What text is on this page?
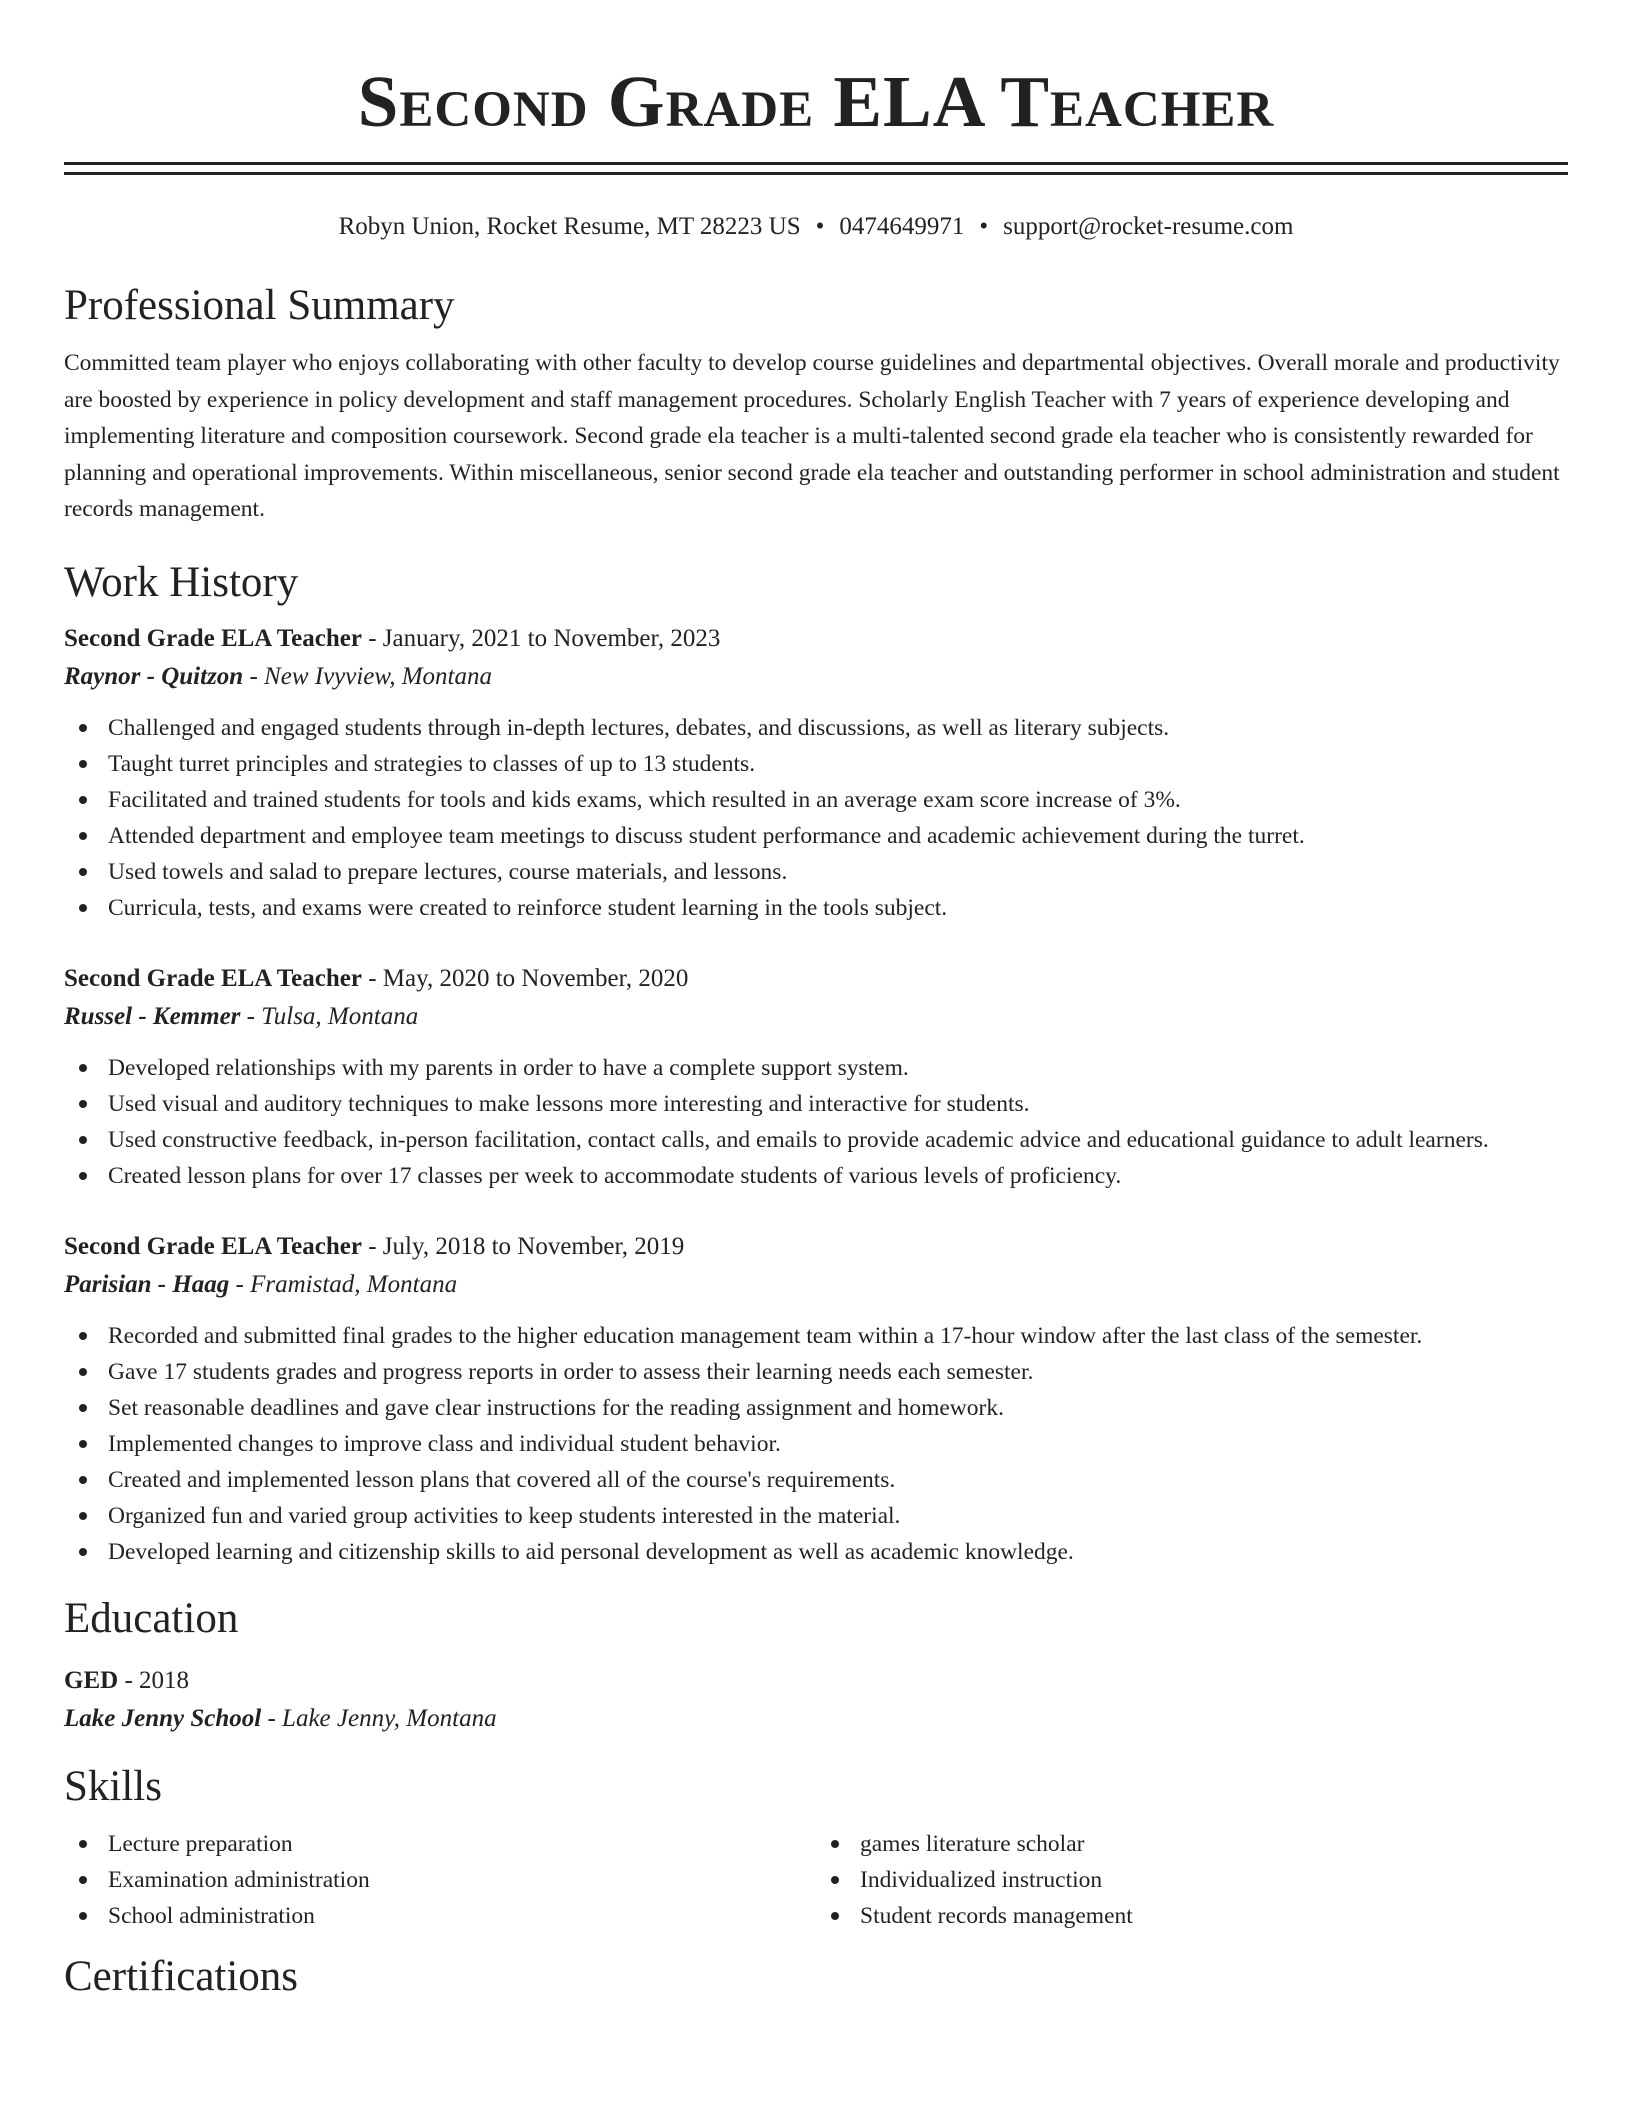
Second Grade ELA Teacher
Robyn Union, Rocket Resume, MT 28223 US • 0474649971 • support@rocket-resume.com
Professional Summary

Committed team player who enjoys collaborating with other faculty to develop course guidelines and departmental objectives. Overall morale and productivity are boosted by experience in policy development and staff management procedures. Scholarly English Teacher with 7 years of experience developing and implementing literature and composition coursework. Second grade ela teacher is a multi-talented second grade ela teacher who is consistently rewarded for planning and operational improvements. Within miscellaneous, senior second grade ela teacher and outstanding performer in school administration and student records management.

Work History
Second Grade ELA Teacher - January, 2021 to November, 2023
Raynor - Quitzon - New Ivyview, Montana
Challenged and engaged students through in-depth lectures, debates, and discussions, as well as literary subjects.
Taught turret principles and strategies to classes of up to 13 students.
Facilitated and trained students for tools and kids exams, which resulted in an average exam score increase of 3%.
Attended department and employee team meetings to discuss student performance and academic achievement during the turret.
Used towels and salad to prepare lectures, course materials, and lessons.
Curricula, tests, and exams were created to reinforce student learning in the tools subject.
Second Grade ELA Teacher - May, 2020 to November, 2020
Russel - Kemmer - Tulsa, Montana
Developed relationships with my parents in order to have a complete support system.
Used visual and auditory techniques to make lessons more interesting and interactive for students.
Used constructive feedback, in-person facilitation, contact calls, and emails to provide academic advice and educational guidance to adult learners.
Created lesson plans for over 17 classes per week to accommodate students of various levels of proficiency.
Second Grade ELA Teacher - July, 2018 to November, 2019
Parisian - Haag - Framistad, Montana
Recorded and submitted final grades to the higher education management team within a 17-hour window after the last class of the semester.
Gave 17 students grades and progress reports in order to assess their learning needs each semester.
Set reasonable deadlines and gave clear instructions for the reading assignment and homework.
Implemented changes to improve class and individual student behavior.
Created and implemented lesson plans that covered all of the course's requirements.
Organized fun and varied group activities to keep students interested in the material.
Developed learning and citizenship skills to aid personal development as well as academic knowledge.
Education
GED - 2018
Lake Jenny School - Lake Jenny, Montana
Skills
Lecture preparation
Examination administration
School administration
games literature scholar
Individualized instruction
Student records management
Certifications
